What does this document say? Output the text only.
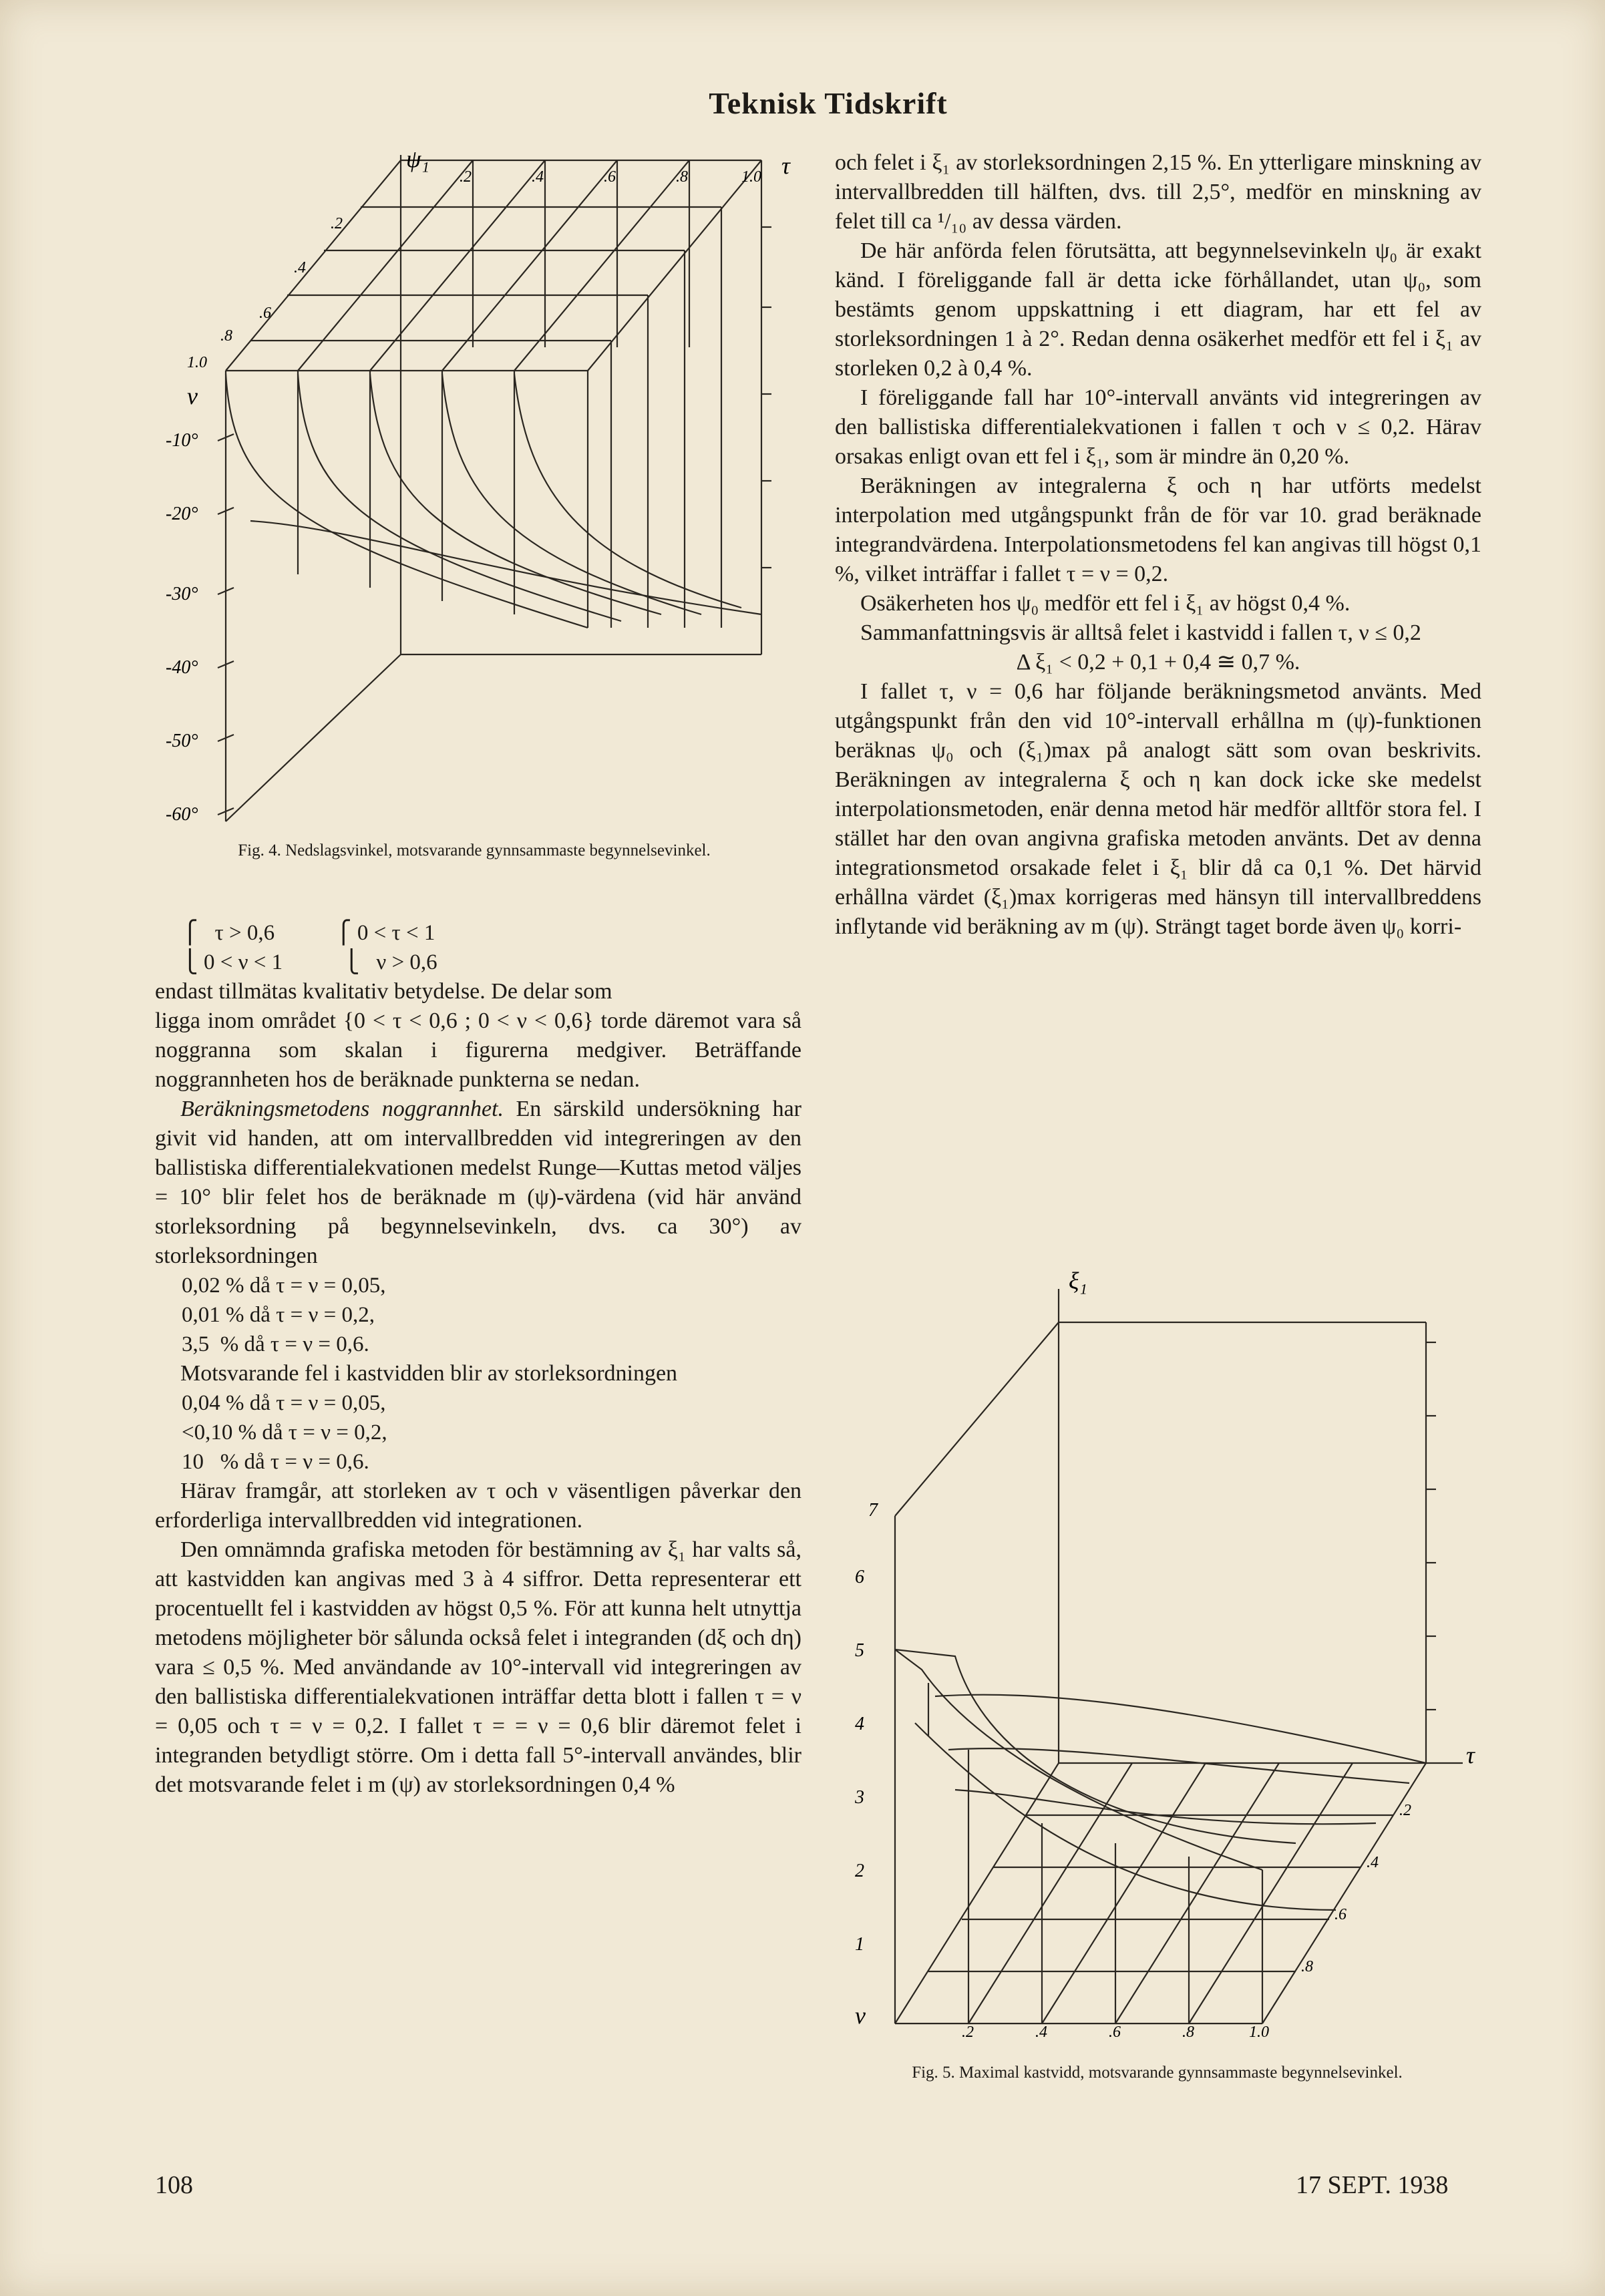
Teknisk Tidskrift
ψ₁	τ
ν
.2	.4	.6	.8	1.0
.2
.4
.6
.8
1.0
-10°
-20°
-30°
-40°
-50°
-60°
Fig. 4. Nedslagsvinkel, motsvarande gynnsammaste begynnelsevinkel.

⎧   τ > 0,6           ⎧ 0 < τ < 1
⎩ 0 < ν < 1           ⎩   ν > 0,6

endast tillmätas kvalitativ betydelse. De delar som

ligga inom området {0 < τ < 0,6 ; 0 < ν < 0,6} torde däremot vara så noggranna som skalan i figurerna medgiver. Beträffande noggrannheten hos de beräknade punkterna se nedan.

Beräkningsmetodens noggrannhet. En särskild undersökning har givit vid handen, att om intervallbredden vid integreringen av den ballistiska differentialekvationen medelst Runge—Kuttas metod väljes = 10° blir felet hos de beräknade m (ψ)-värdena (vid här använd storleksordning på begynnelsevinkeln, dvs. ca 30°) av storleksordningen

0,02 % då τ = ν = 0,05,

0,01 % då τ = ν = 0,2,

3,5  % då τ = ν = 0,6.

Motsvarande fel i kastvidden blir av storleksordningen

0,04 % då τ = ν = 0,05,

<0,10 % då τ = ν = 0,2,

10   % då τ = ν = 0,6.

Härav framgår, att storleken av τ och ν väsentligen påverkar den erforderliga intervallbredden vid integrationen.

Den omnämnda grafiska metoden för bestämning av ξ₁ har valts så, att kastvidden kan angivas med 3 à 4 siffror. Detta representerar ett procentuellt fel i kastvidden av högst 0,5 %. För att kunna helt utnyttja metodens möjligheter bör sålunda också felet i integranden (dξ och dη) vara ≤ 0,5 %. Med användande av 10°-intervall vid integreringen av den ballistiska differentialekvationen inträffar detta blott i fallen τ = ν = 0,05 och τ = ν = 0,2. I fallet τ = = ν = 0,6 blir däremot felet i integranden betydligt större. Om i detta fall 5°-intervall användes, blir det motsvarande felet i m (ψ) av storleksordningen 0,4 %

och felet i ξ₁ av storleksordningen 2,15 %. En ytterligare minskning av intervallbredden till hälften, dvs. till 2,5°, medför en minskning av felet till ca ¹/₁₀ av dessa värden.

De här anförda felen förutsätta, att begynnelsevinkeln ψ₀ är exakt känd. I föreliggande fall är detta icke förhållandet, utan ψ₀, som bestämts genom uppskattning i ett diagram, har ett fel av storleksordningen 1 à 2°. Redan denna osäkerhet medför ett fel i ξ₁ av storleken 0,2 à 0,4 %.

I föreliggande fall har 10°-intervall använts vid integreringen av den ballistiska differentialekvationen i fallen τ och ν ≤ 0,2. Härav orsakas enligt ovan ett fel i ξ₁, som är mindre än 0,20 %.

Beräkningen av integralerna ξ och η har utförts medelst interpolation med utgångspunkt från de för var 10. grad beräknade integrandvärdena. Interpolationsmetodens fel kan angivas till högst 0,1 %, vilket inträffar i fallet τ = ν = 0,2.

Osäkerheten hos ψ₀ medför ett fel i ξ₁ av högst 0,4 %.

Sammanfattningsvis är alltså felet i kastvidd i fallen τ, ν ≤ 0,2

Δ ξ₁ < 0,2 + 0,1 + 0,4 ≅ 0,7 %.

I fallet τ, ν = 0,6 har följande beräkningsmetod använts. Med utgångspunkt från den vid 10°-intervall erhållna m (ψ)-funktionen beräknas ψ₀ och (ξ₁)max på analogt sätt som ovan beskrivits. Beräkningen av integralerna ξ och η kan dock icke ske medelst interpolationsmetoden, enär denna metod här medför alltför stora fel. I stället har den ovan angivna grafiska metoden använts. Det av denna integrationsmetod orsakade felet i ξ₁ blir då ca 0,1 %. Det härvid erhållna värdet (ξ₁)max korrigeras med hänsyn till intervallbreddens inflytande vid beräkning av m (ψ). Strängt taget borde även ψ₀ korri-

ξ₁
τ
ν
7
6
5
4
3
2
1
.2	.4	.6	.8	1.0
.2
.4
.6
.8
Fig. 5. Maximal kastvidd, motsvarande gynnsammaste begynnelsevinkel.
108	17 SEPT. 1938
